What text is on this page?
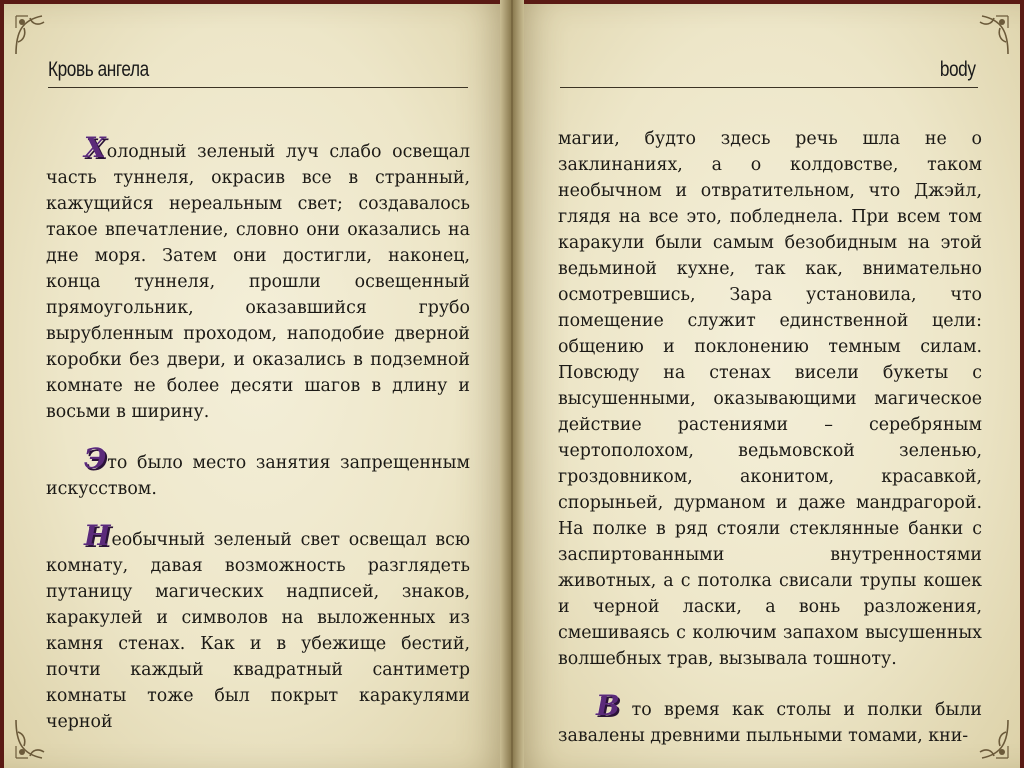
Кровь ангела

Холодный зеленый луч слабо освещал часть туннеля, окрасив все в странный, кажущийся нереальным свет; создавалось такое впечатление, словно они оказались на дне моря. Затем они достигли, наконец, конца туннеля, прошли освещенный прямоугольник, оказавшийся грубо вырубленным проходом, наподобие дверной коробки без двери, и оказались в подземной комнате не более десяти шагов в длину и восьми в ширину.

Это было место занятия запрещенным искусством.

Необычный зеленый свет освещал всю комнату, давая возможность разглядеть путаницу магических надписей, знаков, каракулей и символов на выложенных из камня стенах. Как и в убежище бестий, почти каждый квадратный сантиметр комнаты тоже был покрыт каракулями черной

body

магии, будто здесь речь шла не о заклинаниях, а о колдовстве, таком необычном и отвратительном, что Джэйл, глядя на все это, побледнела. При всем том каракули были самым безобидным на этой ведьминой кухне, так как, внимательно осмотревшись, Зара установила, что помещение служит единственной цели: общению и поклонению темным силам. Повсюду на стенах висели букеты с высушенными, оказывающими магическое действие растениями – серебряным чертополохом, ведьмовской зеленью, гроздовником, аконитом, красавкой, спорыньей, дурманом и даже мандрагорой. На полке в ряд стояли стеклянные банки с заспиртованными внутренностями животных, а с потолка свисали трупы кошек и черной ласки, а вонь разложения, смешиваясь с колючим запахом высушенных волшебных трав, вызывала тошноту.

Вто время как столы и полки были завалены древними пыльными томами, кни-
